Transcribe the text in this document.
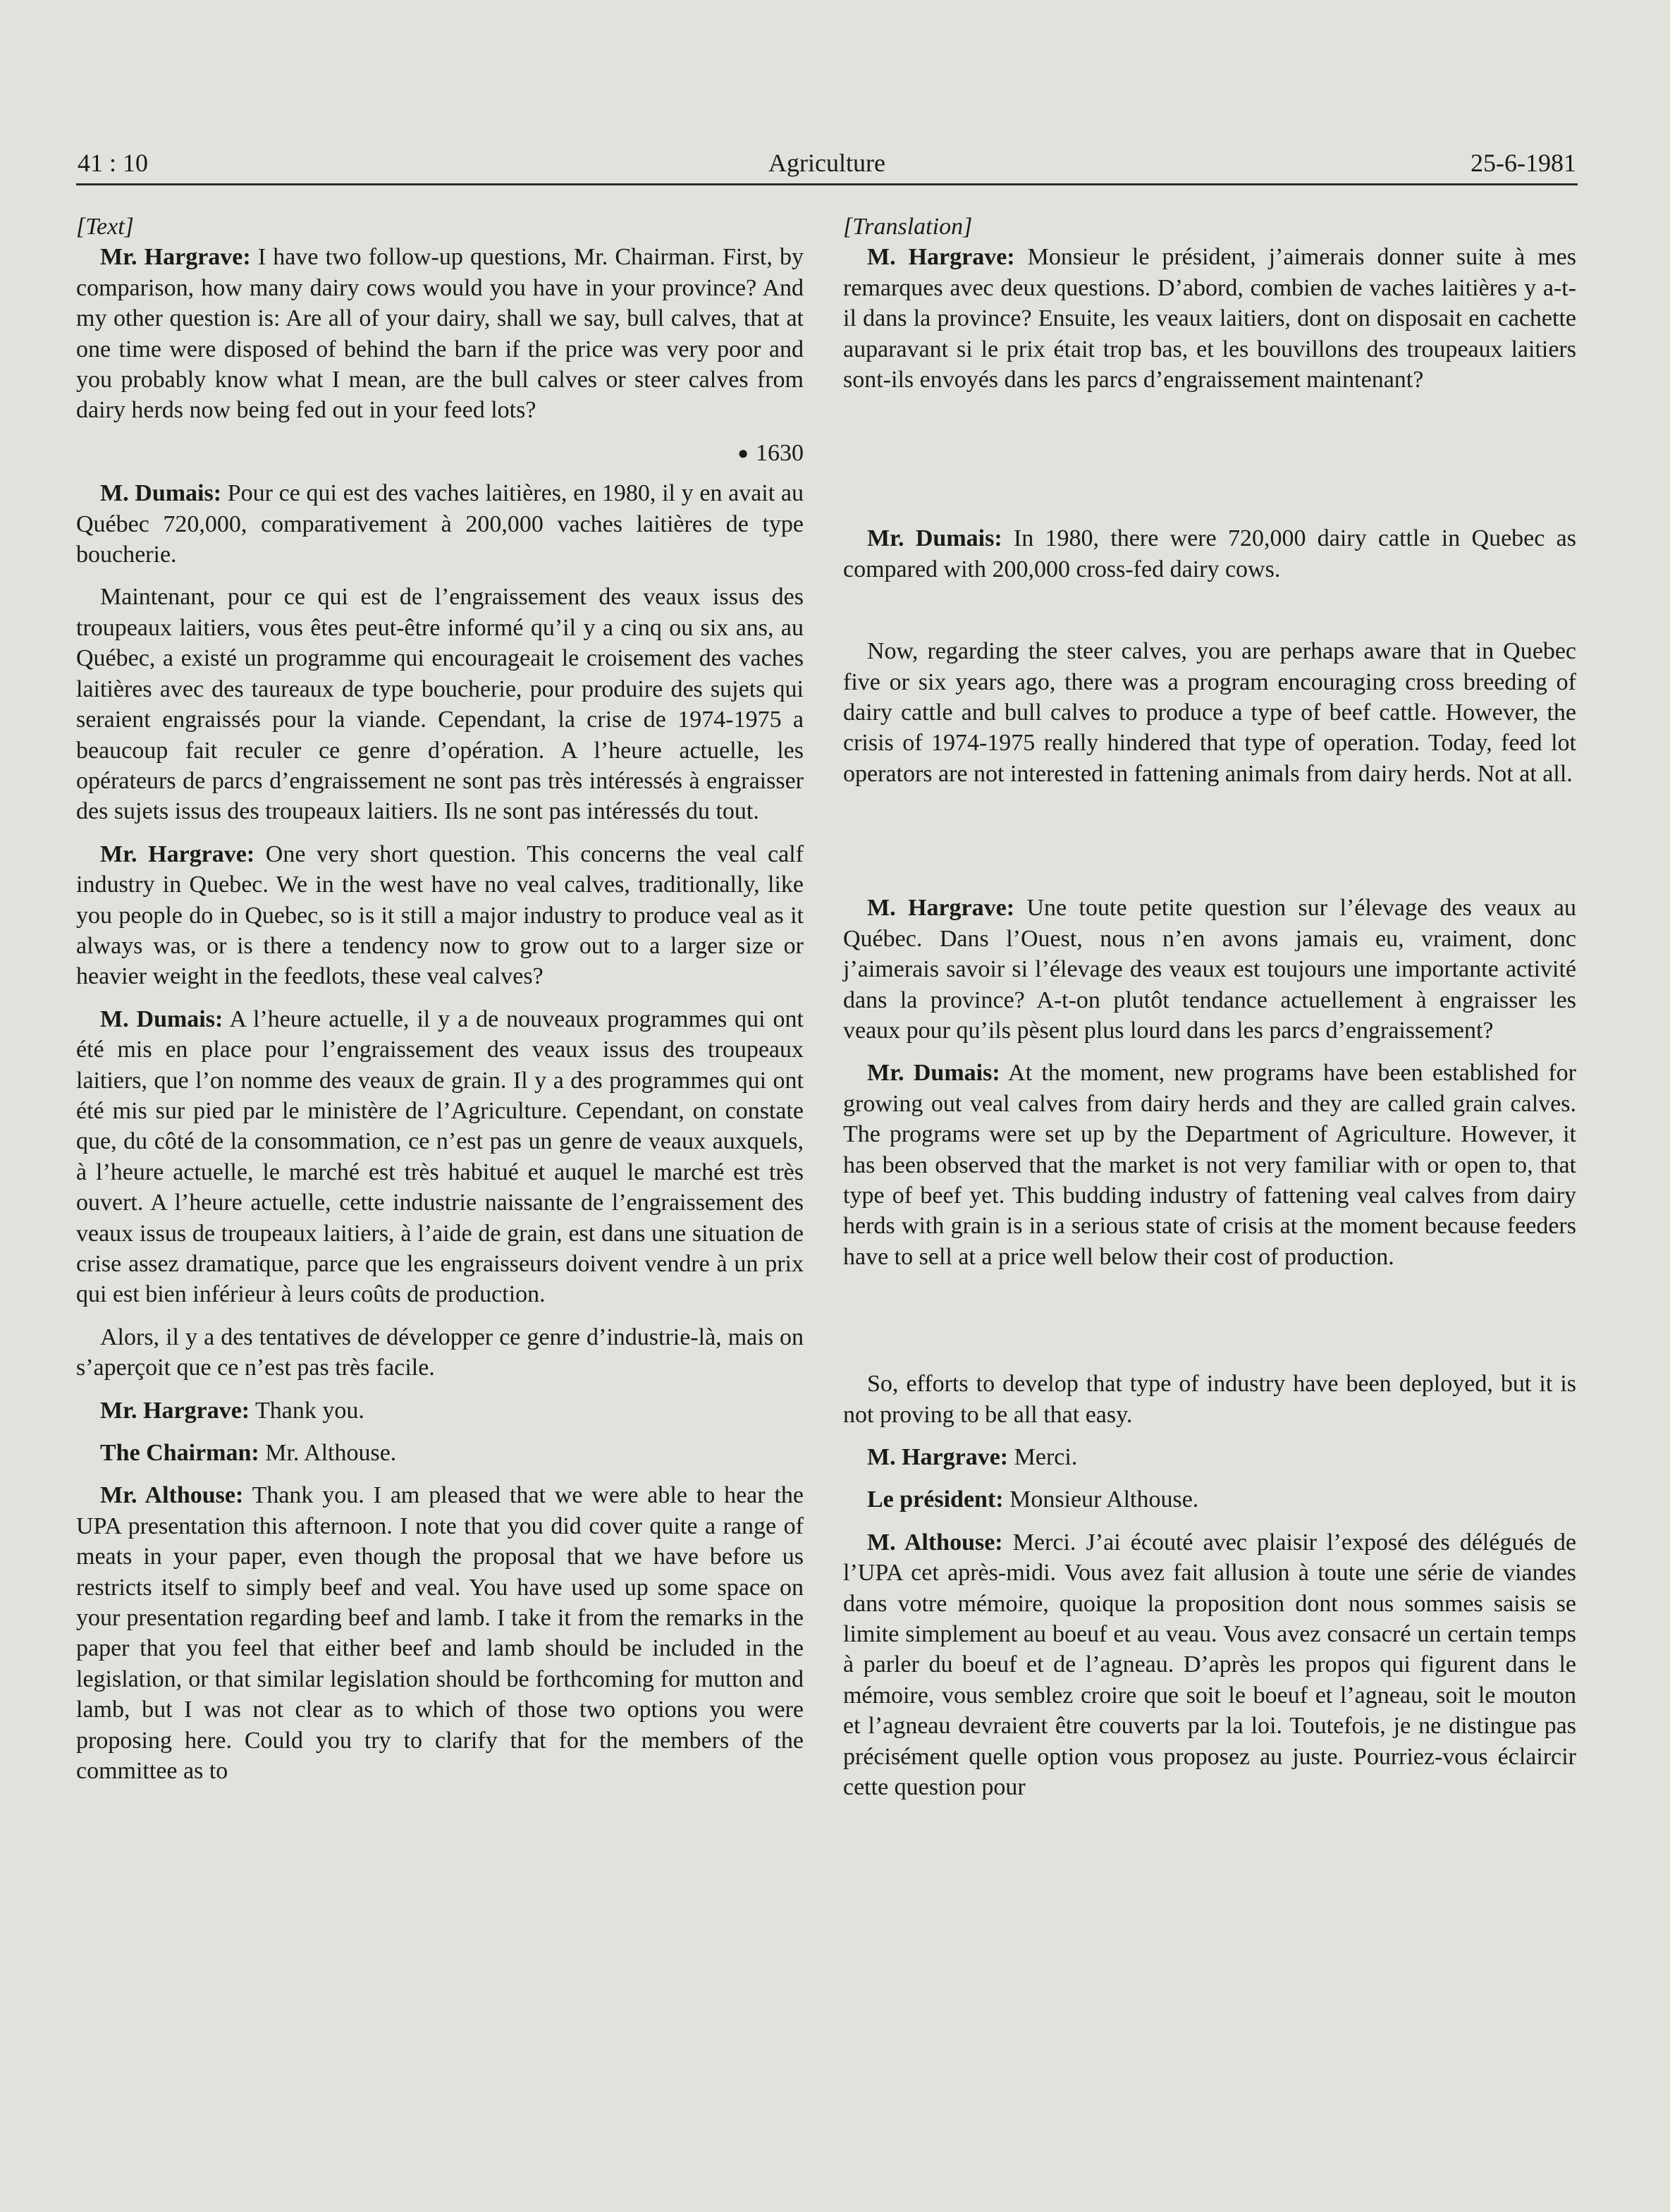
41 : 10	Agriculture	25-6-1981

[Text]

Mr. Hargrave: I have two follow-up questions, Mr. Chairman. First, by comparison, how many dairy cows would you have in your province? And my other question is: Are all of your dairy, shall we say, bull calves, that at one time were disposed of behind the barn if the price was very poor and you probably know what I mean, are the bull calves or steer calves from dairy herds now being fed out in your feed lots?

● 1630

M. Dumais: Pour ce qui est des vaches laitières, en 1980, il y en avait au Québec 720,000, comparativement à 200,000 vaches laitières de type boucherie.

Maintenant, pour ce qui est de l’engraissement des veaux issus des troupeaux laitiers, vous êtes peut-être informé qu’il y a cinq ou six ans, au Québec, a existé un programme qui encourageait le croisement des vaches laitières avec des taureaux de type boucherie, pour produire des sujets qui seraient engraissés pour la viande. Cependant, la crise de 1974-1975 a beaucoup fait reculer ce genre d’opération. A l’heure actuelle, les opérateurs de parcs d’engraissement ne sont pas très intéressés à engraisser des sujets issus des troupeaux laitiers. Ils ne sont pas intéressés du tout.

Mr. Hargrave: One very short question. This concerns the veal calf industry in Quebec. We in the west have no veal calves, traditionally, like you people do in Quebec, so is it still a major industry to produce veal as it always was, or is there a tendency now to grow out to a larger size or heavier weight in the feedlots, these veal calves?

M. Dumais: A l’heure actuelle, il y a de nouveaux programmes qui ont été mis en place pour l’engraissement des veaux issus des troupeaux laitiers, que l’on nomme des veaux de grain. Il y a des programmes qui ont été mis sur pied par le ministère de l’Agriculture. Cependant, on constate que, du côté de la consommation, ce n’est pas un genre de veaux auxquels, à l’heure actuelle, le marché est très habitué et auquel le marché est très ouvert. A l’heure actuelle, cette industrie naissante de l’engraissement des veaux issus de troupeaux laitiers, à l’aide de grain, est dans une situation de crise assez dramatique, parce que les engraisseurs doivent vendre à un prix qui est bien inférieur à leurs coûts de production.

Alors, il y a des tentatives de développer ce genre d’industrie-là, mais on s’aperçoit que ce n’est pas très facile.

Mr. Hargrave: Thank you.

The Chairman: Mr. Althouse.

Mr. Althouse: Thank you. I am pleased that we were able to hear the UPA presentation this afternoon. I note that you did cover quite a range of meats in your paper, even though the proposal that we have before us restricts itself to simply beef and veal. You have used up some space on your presentation regarding beef and lamb. I take it from the remarks in the paper that you feel that either beef and lamb should be included in the legislation, or that similar legislation should be forthcoming for mutton and lamb, but I was not clear as to which of those two options you were proposing here. Could you try to clarify that for the members of the committee as to

[Translation]

M. Hargrave: Monsieur le président, j’aimerais donner suite à mes remarques avec deux questions. D’abord, combien de vaches laitières y a-t-il dans la province? Ensuite, les veaux laitiers, dont on disposait en cachette auparavant si le prix était trop bas, et les bouvillons des troupeaux laitiers sont-ils envoyés dans les parcs d’engraissement maintenant?

Mr. Dumais: In 1980, there were 720,000 dairy cattle in Quebec as compared with 200,000 cross-fed dairy cows.

Now, regarding the steer calves, you are perhaps aware that in Quebec five or six years ago, there was a program encouraging cross breeding of dairy cattle and bull calves to produce a type of beef cattle. However, the crisis of 1974-1975 really hindered that type of operation. Today, feed lot operators are not interested in fattening animals from dairy herds. Not at all.

M. Hargrave: Une toute petite question sur l’élevage des veaux au Québec. Dans l’Ouest, nous n’en avons jamais eu, vraiment, donc j’aimerais savoir si l’élevage des veaux est toujours une importante activité dans la province? A-t-on plutôt tendance actuellement à engraisser les veaux pour qu’ils pèsent plus lourd dans les parcs d’engraissement?

Mr. Dumais: At the moment, new programs have been established for growing out veal calves from dairy herds and they are called grain calves. The programs were set up by the Department of Agriculture. However, it has been observed that the market is not very familiar with or open to, that type of beef yet. This budding industry of fattening veal calves from dairy herds with grain is in a serious state of crisis at the moment because feeders have to sell at a price well below their cost of production.

So, efforts to develop that type of industry have been deployed, but it is not proving to be all that easy.

M. Hargrave: Merci.

Le président: Monsieur Althouse.

M. Althouse: Merci. J’ai écouté avec plaisir l’exposé des délégués de l’UPA cet après-midi. Vous avez fait allusion à toute une série de viandes dans votre mémoire, quoique la proposition dont nous sommes saisis se limite simplement au boeuf et au veau. Vous avez consacré un certain temps à parler du boeuf et de l’agneau. D’après les propos qui figurent dans le mémoire, vous semblez croire que soit le boeuf et l’agneau, soit le mouton et l’agneau devraient être couverts par la loi. Toutefois, je ne distingue pas précisément quelle option vous proposez au juste. Pourriez-vous éclaircir cette question pour
